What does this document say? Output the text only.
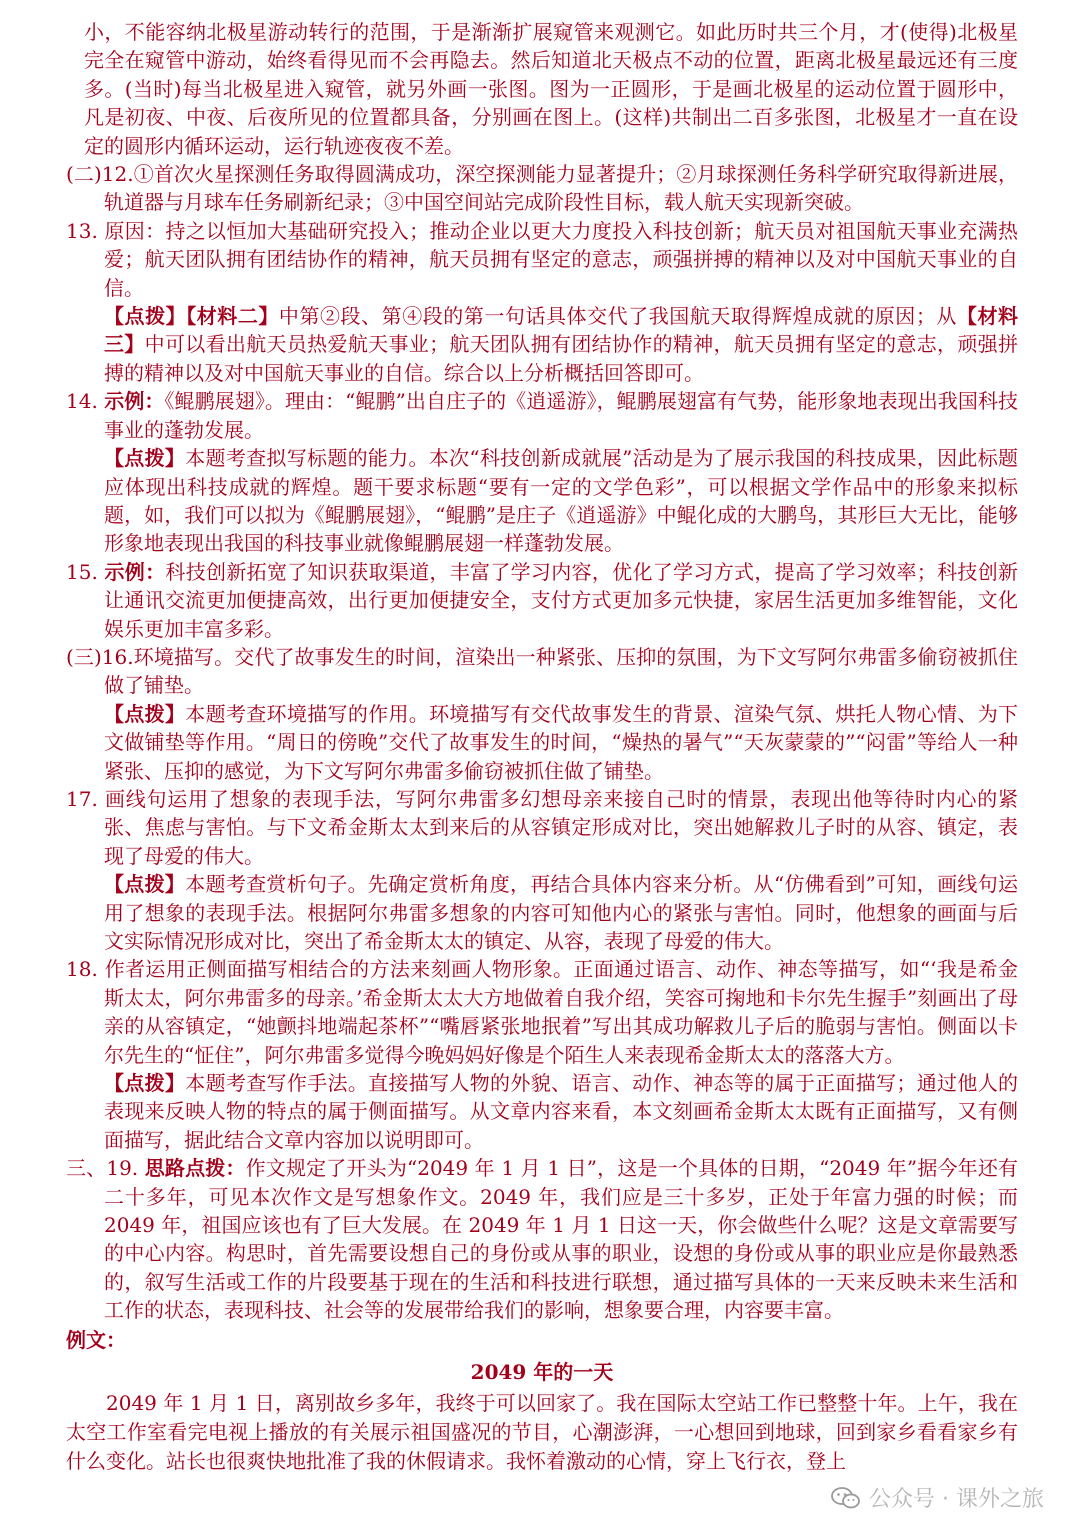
小，不能容纳北极星游动转行的范围，于是渐渐扩展窥管来观测它。如此历时共三个月，才(使得)北极星完全在窥管中游动，始终看得见而不会再隐去。然后知道北天极点不动的位置，距离北极星最远还有三度多。(当时)每当北极星进入窥管，就另外画一张图。图为一正圆形，于是画北极星的运动位置于圆形中，凡是初夜、中夜、后夜所见的位置都具备，分别画在图上。(这样)共制出二百多张图，北极星才一直在设定的圆形内循环运动，运行轨迹夜夜不差。

(二)12.①首次火星探测任务取得圆满成功，深空探测能力显著提升；②月球探测任务科学研究取得新进展，轨道器与月球车任务刷新纪录；③中国空间站完成阶段性目标，载人航天实现新突破。

13. 原因：持之以恒加大基础研究投入；推动企业以更大力度投入科技创新；航天员对祖国航天事业充满热爱；航天团队拥有团结协作的精神，航天员拥有坚定的意志，顽强拼搏的精神以及对中国航天事业的自信。

【点拨】【材料二】中第②段、第④段的第一句话具体交代了我国航天取得辉煌成就的原因；从【材料三】中可以看出航天员热爱航天事业；航天团队拥有团结协作的精神，航天员拥有坚定的意志，顽强拼搏的精神以及对中国航天事业的自信。综合以上分析概括回答即可。

14. 示例：《鲲鹏展翅》。理由：“鲲鹏”出自庄子的《逍遥游》，鲲鹏展翅富有气势，能形象地表现出我国科技事业的蓬勃发展。

【点拨】本题考查拟写标题的能力。本次“科技创新成就展”活动是为了展示我国的科技成果，因此标题应体现出科技成就的辉煌。题干要求标题“要有一定的文学色彩”，可以根据文学作品中的形象来拟标题，如，我们可以拟为《鲲鹏展翅》，“鲲鹏”是庄子《逍遥游》中鲲化成的大鹏鸟，其形巨大无比，能够形象地表现出我国的科技事业就像鲲鹏展翅一样蓬勃发展。

15. 示例：科技创新拓宽了知识获取渠道，丰富了学习内容，优化了学习方式，提高了学习效率；科技创新让通讯交流更加便捷高效，出行更加便捷安全，支付方式更加多元快捷，家居生活更加多维智能，文化娱乐更加丰富多彩。

(三)16.环境描写。交代了故事发生的时间，渲染出一种紧张、压抑的氛围，为下文写阿尔弗雷多偷窃被抓住做了铺垫。

【点拨】本题考查环境描写的作用。环境描写有交代故事发生的背景、渲染气氛、烘托人物心情、为下文做铺垫等作用。“周日的傍晚”交代了故事发生的时间，“燥热的暑气”“天灰蒙蒙的”“闷雷”等给人一种紧张、压抑的感觉，为下文写阿尔弗雷多偷窃被抓住做了铺垫。

17. 画线句运用了想象的表现手法，写阿尔弗雷多幻想母亲来接自己时的情景，表现出他等待时内心的紧张、焦虑与害怕。与下文希金斯太太到来后的从容镇定形成对比，突出她解救儿子时的从容、镇定，表现了母爱的伟大。

【点拨】本题考查赏析句子。先确定赏析角度，再结合具体内容来分析。从“仿佛看到”可知，画线句运用了想象的表现手法。根据阿尔弗雷多想象的内容可知他内心的紧张与害怕。同时，他想象的画面与后文实际情况形成对比，突出了希金斯太太的镇定、从容，表现了母爱的伟大。

18. 作者运用正侧面描写相结合的方法来刻画人物形象。正面通过语言、动作、神态等描写，如“‘我是希金斯太太，阿尔弗雷多的母亲。’希金斯太太大方地做着自我介绍，笑容可掬地和卡尔先生握手”刻画出了母亲的从容镇定，“她颤抖地端起茶杯”“嘴唇紧张地抿着”写出其成功解救儿子后的脆弱与害怕。侧面以卡尔先生的“怔住”，阿尔弗雷多觉得今晚妈妈好像是个陌生人来表现希金斯太太的落落大方。

【点拨】本题考查写作手法。直接描写人物的外貌、语言、动作、神态等的属于正面描写；通过他人的表现来反映人物的特点的属于侧面描写。从文章内容来看，本文刻画希金斯太太既有正面描写，又有侧面描写，据此结合文章内容加以说明即可。

三、19. 思路点拨：作文规定了开头为“2049 年 1 月 1 日”，这是一个具体的日期，“2049 年”据今年还有二十多年，可见本次作文是写想象作文。2049 年，我们应是三十多岁，正处于年富力强的时候；而 2049 年，祖国应该也有了巨大发展。在 2049 年 1 月 1 日这一天，你会做些什么呢？这是文章需要写的中心内容。构思时，首先需要设想自己的身份或从事的职业，设想的身份或从事的职业应是你最熟悉的，叙写生活或工作的片段要基于现在的生活和科技进行联想，通过描写具体的一天来反映未来生活和工作的状态，表现科技、社会等的发展带给我们的影响，想象要合理，内容要丰富。

例文：

2049 年的一天

2049 年 1 月 1 日，离别故乡多年，我终于可以回家了。我在国际太空站工作已整整十年。上午，我在太空工作室看完电视上播放的有关展示祖国盛况的节目，心潮澎湃，一心想回到地球，回到家乡看看家乡有什么变化。站长也很爽快地批准了我的休假请求。我怀着激动的心情，穿上飞行衣，登上

公众号 · 课外之旅
